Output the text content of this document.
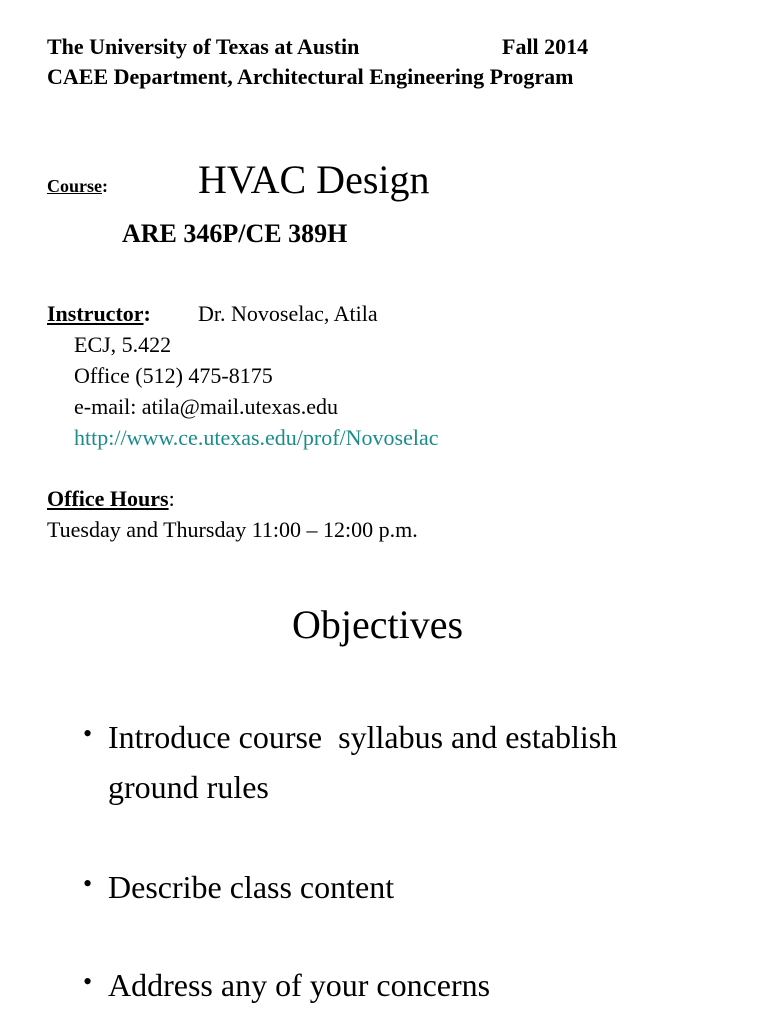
The University of Texas at Austin	Fall 2014
CAEE Department, Architectural Engineering Program
Course: HVAC Design
ARE 346P/CE 389H
Instructor: Dr. Novoselac, Atila
ECJ, 5.422
Office (512) 475-8175
e-mail: atila@mail.utexas.edu
http://www.ce.utexas.edu/prof/Novoselac
Office Hours:
Tuesday and Thursday 11:00 – 12:00 p.m.
Objectives
• Introduce course  syllabus and establish
ground rules
• Describe class content
• Address any of your concerns
